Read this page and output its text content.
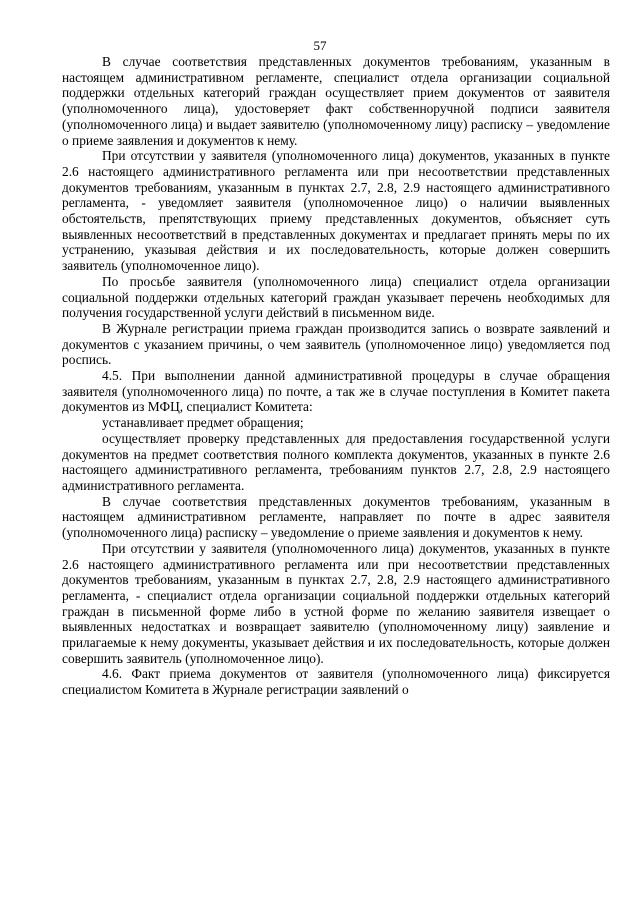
57

В случае соответствия представленных документов требованиям, указанным в настоящем административном регламенте, специалист отдела организации социальной поддержки отдельных категорий граждан осуществляет прием документов от заявителя (уполномоченного лица), удостоверяет факт собственноручной подписи заявителя (уполномоченного лица) и выдает заявителю (уполномоченному лицу) расписку – уведомление о приеме заявления и документов к нему.

При отсутствии у заявителя (уполномоченного лица) документов, указанных в пункте 2.6 настоящего административного регламента или при несоответствии представленных документов требованиям, указанным в пунктах 2.7, 2.8, 2.9 настоящего административного регламента, - уведомляет заявителя (уполномоченное лицо) о наличии выявленных обстоятельств, препятствующих приему представленных документов, объясняет суть выявленных несоответствий в представленных документах и предлагает принять меры по их устранению, указывая действия и их последовательность, которые должен совершить заявитель (уполномоченное лицо).

По просьбе заявителя (уполномоченного лица) специалист отдела организации социальной поддержки отдельных категорий граждан указывает перечень необходимых для получения государственной услуги действий в письменном виде.

В Журнале регистрации приема граждан производится запись о возврате заявлений и документов с указанием причины, о чем заявитель (уполномоченное лицо) уведомляется под роспись.

4.5. При выполнении данной административной процедуры в случае обращения заявителя (уполномоченного лица) по почте, а так же в случае поступления в Комитет пакета документов из МФЦ, специалист Комитета:

устанавливает предмет обращения;

осуществляет проверку представленных для предоставления государственной услуги документов на предмет соответствия полного комплекта документов, указанных в пункте 2.6 настоящего административного регламента, требованиям пунктов 2.7, 2.8, 2.9 настоящего административного регламента.

В случае соответствия представленных документов требованиям, указанным в настоящем административном регламенте, направляет по почте в адрес заявителя (уполномоченного лица) расписку – уведомление о приеме заявления и документов к нему.

При отсутствии у заявителя (уполномоченного лица) документов, указанных в пункте 2.6 настоящего административного регламента или при несоответствии представленных документов требованиям, указанным в пунктах 2.7, 2.8, 2.9 настоящего административного регламента, - специалист отдела организации социальной поддержки отдельных категорий граждан в письменной форме либо в устной форме по желанию заявителя извещает о выявленных недостатках и возвращает заявителю (уполномоченному лицу) заявление и прилагаемые к нему документы, указывает действия и их последовательность, которые должен совершить заявитель (уполномоченное лицо).

4.6. Факт приема документов от заявителя (уполномоченного лица) фиксируется специалистом Комитета в Журнале регистрации заявлений о
